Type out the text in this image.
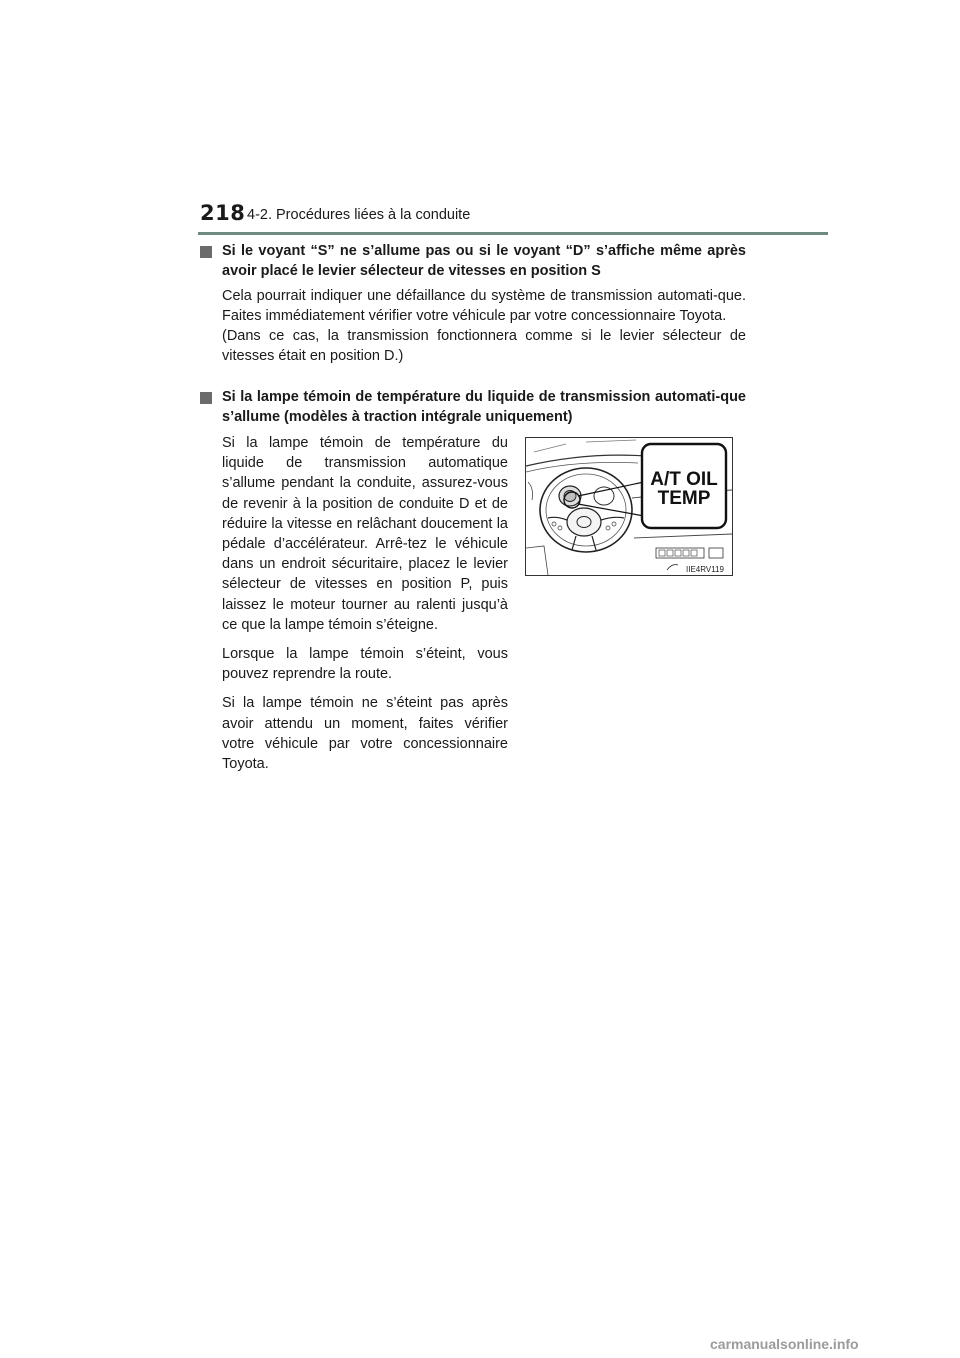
218 4-2. Procédures liées à la conduite
Si le voyant “S” ne s’allume pas ou si le voyant “D” s’affiche même après avoir placé le levier sélecteur de vitesses en position S
Cela pourrait indiquer une défaillance du système de transmission automati-que. Faites immédiatement vérifier votre véhicule par votre concessionnaire Toyota.
(Dans ce cas, la transmission fonctionnera comme si le levier sélecteur de vitesses était en position D.)
Si la lampe témoin de température du liquide de transmission automati-que s’allume (modèles à traction intégrale uniquement)
Si la lampe témoin de température du liquide de transmission automatique s’allume pendant la conduite, assurez-vous de revenir à la position de conduite D et de réduire la vitesse en relâchant doucement la pédale d’accélérateur. Arrê-tez le véhicule dans un endroit sécuritaire, placez le levier sélecteur de vitesses en position P, puis laissez le moteur tourner au ralenti jusqu’à ce que la lampe témoin s’éteigne.
Lorsque la lampe témoin s’éteint, vous pouvez reprendre la route.
Si la lampe témoin ne s’éteint pas après avoir attendu un moment, faites vérifier votre véhicule par votre concessionnaire Toyota.
A/T OIL
TEMP
IIE4RV119
carmanualsonline.info
